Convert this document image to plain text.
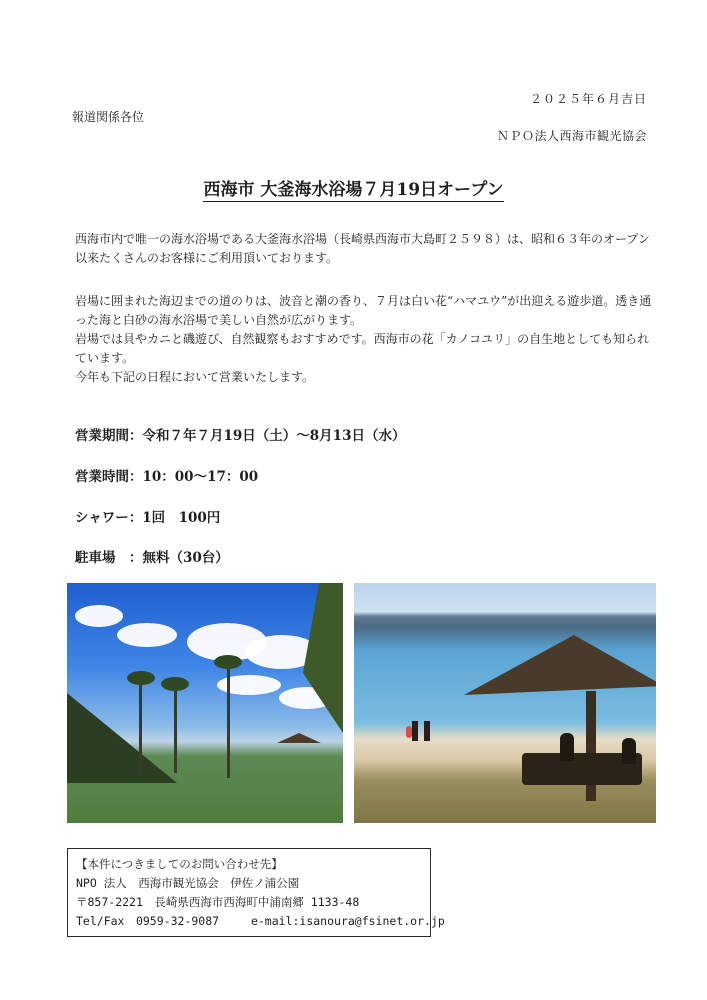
２０２５年６月吉日
報道関係各位
ＮＰＯ法人西海市観光協会
西海市 大釜海水浴場７月19日オープン
西海市内で唯一の海水浴場である大釜海水浴場（長崎県西海市大島町２５９８）は、昭和６３年のオープン以来たくさんのお客様にご利用頂いております。
岩場に囲まれた海辺までの道のりは、波音と潮の香り、７月は白い花“ハマユウ”が出迎える遊歩道。透き通った海と白砂の海水浴場で美しい自然が広がります。
岩場では貝やカニと磯遊び、自然観察もおすすめです。西海市の花「カノコユリ」の自生地としても知られています。
今年も下記の日程において営業いたします。
営業期間：令和７年７月19日（土）～8月13日（水）
営業時間：10：00～17：00
シャワー：1回　100円
駐車場　：無料（30台）
【本件につきましてのお問い合わせ先】
NPO 法人　西海市観光協会　伊佐ノ浦公園
〒857-2221　長崎県西海市西海町中浦南郷 1133-48
Tel/Fax　0959-32-9087	e-mail:isanoura@fsinet.or.jp
